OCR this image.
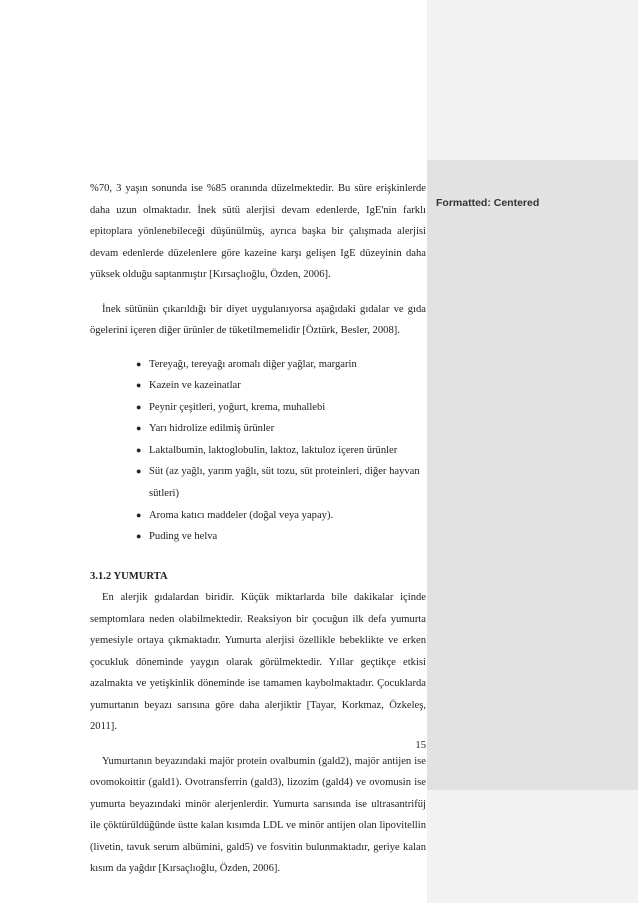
Formatted: Centered

%70, 3 yaşın sonunda ise %85 oranında düzelmektedir. Bu süre erişkinlerde daha uzun olmaktadır. İnek sütü alerjisi devam edenlerde, IgE'nin farklı epitoplara yönlenebileceği düşünülmüş, ayrıca başka bir çalışmada alerjisi devam edenlerde düzelenlere göre kazeine karşı gelişen IgE düzeyinin daha yüksek olduğu saptanmıştır [Kırsaçlıoğlu, Özden, 2006].

İnek sütünün çıkarıldığı bir diyet uygulanıyorsa aşağıdaki gıdalar ve gıda ögelerini içeren diğer ürünler de tüketilmemelidir [Öztürk, Besler, 2008].

● Tereyağı, tereyağı aromalı diğer yağlar, margarin
● Kazein ve kazeinatlar
● Peynir çeşitleri, yoğurt, krema, muhallebi
● Yarı hidrolize edilmiş ürünler
● Laktalbumin, laktoglobulin, laktoz, laktuloz içeren ürünler
● Süt (az yağlı, yarım yağlı, süt tozu, süt proteinleri, diğer hayvan sütleri)
● Aroma katıcı maddeler (doğal veya yapay).
● Puding ve helva
3.1.2 YUMURTA

En alerjik gıdalardan biridir. Küçük miktarlarda bile dakikalar içinde semptomlara neden olabilmektedir. Reaksiyon bir çocuğun ilk defa yumurta yemesiyle ortaya çıkmaktadır. Yumurta alerjisi özellikle bebeklikte ve erken çocukluk döneminde yaygın olarak görülmektedir. Yıllar geçtikçe etkisi azalmakta ve yetişkinlik döneminde ise tamamen kaybolmaktadır. Çocuklarda yumurtanın beyazı sarısına göre daha alerjiktir [Tayar, Korkmaz, Özkeleş, 2011].

Yumurtanın beyazındaki majör protein ovalbumin (gald2), majör antijen ise ovomokoittir (gald1). Ovotransferrin (gald3), lizozim (gald4) ve ovomusin ise yumurta beyazındaki minör alerjenlerdir. Yumurta sarısında ise ultrasantrifüj ile çöktürüldüğünde üstte kalan kısımda LDL ve minör antijen olan lipovitellin (livetin, tavuk serum albümini, gald5) ve fosvitin bulunmaktadır, geriye kalan kısım da yağdır [Kırsaçlıoğlu, Özden, 2006].

15
